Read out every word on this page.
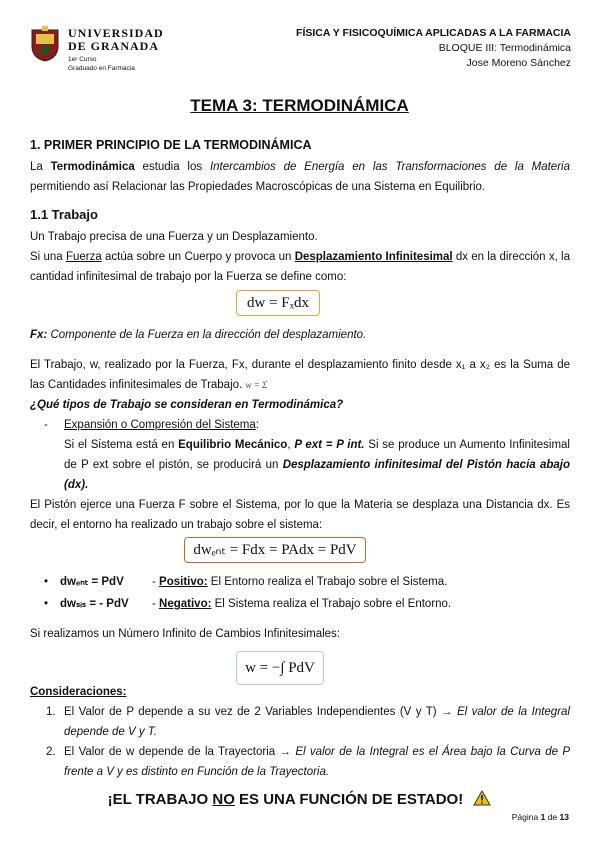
UNIVERSIDAD
DE GRANADA
1er Curso
Graduado en Farmacia
FÍSICA Y FISICOQUÍMICA APLICADAS A LA FARMACIA
BLOQUE III: Termodinámica
Jose Moreno Sánchez
TEMA 3: TERMODINÁMICA
1. PRIMER PRINCIPIO DE LA TERMODINÁMICA
La Termodinámica estudia los Intercambios de Energía en las Transformaciones de la Materia permitiendo así Relacionar las Propiedades Macroscópicas de una Sistema en Equilibrio.
1.1 Trabajo
Un Trabajo precisa de una Fuerza y un Desplazamiento.
Si una Fuerza actúa sobre un Cuerpo y provoca un Desplazamiento Infinitesimal dx en la dirección x, la cantidad infinitesimal de trabajo por la Fuerza se define como:
dw = Fₓdx
Fx: Componente de la Fuerza en la dirección del desplazamiento.
El Trabajo, w, realizado por la Fuerza, Fx, durante el desplazamiento finito desde x₁ a x₂ es la Suma de las Cantidades infinitesimales de Trabajo. w = Σ
¿Qué tipos de Trabajo se consideran en Termodinámica?
- Expansión o Compresión del Sistema:
Si el Sistema está en Equilibrio Mecánico, P ext = P int. Si se produce un Aumento Infinitesimal de P ext sobre el pistón, se producirá un Desplazamiento infinitesimal del Pistón hacia abajo (dx).
El Pistón ejerce una Fuerza F sobre el Sistema, por lo que la Materia se desplaza una Distancia dx. Es decir, el entorno ha realizado un trabajo sobre el sistema:
dwₑₙₜ = Fdx = PAdx = PdV
• dwₑₙₜ = PdV - Positivo: El Entorno realiza el Trabajo sobre el Sistema.
• dwₛᵢₛ = - PdV - Negativo: El Sistema realiza el Trabajo sobre el Entorno.
Si realizamos un Número Infinito de Cambios Infinitesimales:
w = −∫ PdV
Consideraciones:
1. El Valor de P depende a su vez de 2 Variables Independientes (V y T) → El valor de la Integral depende de V y T.
2. El Valor de w depende de la Trayectoria → El valor de la Integral es el Área bajo la Curva de P frente a V y es distinto en Función de la Trayectoria.
¡EL TRABAJO NO ES UNA FUNCIÓN DE ESTADO!
Página 1 de 13
